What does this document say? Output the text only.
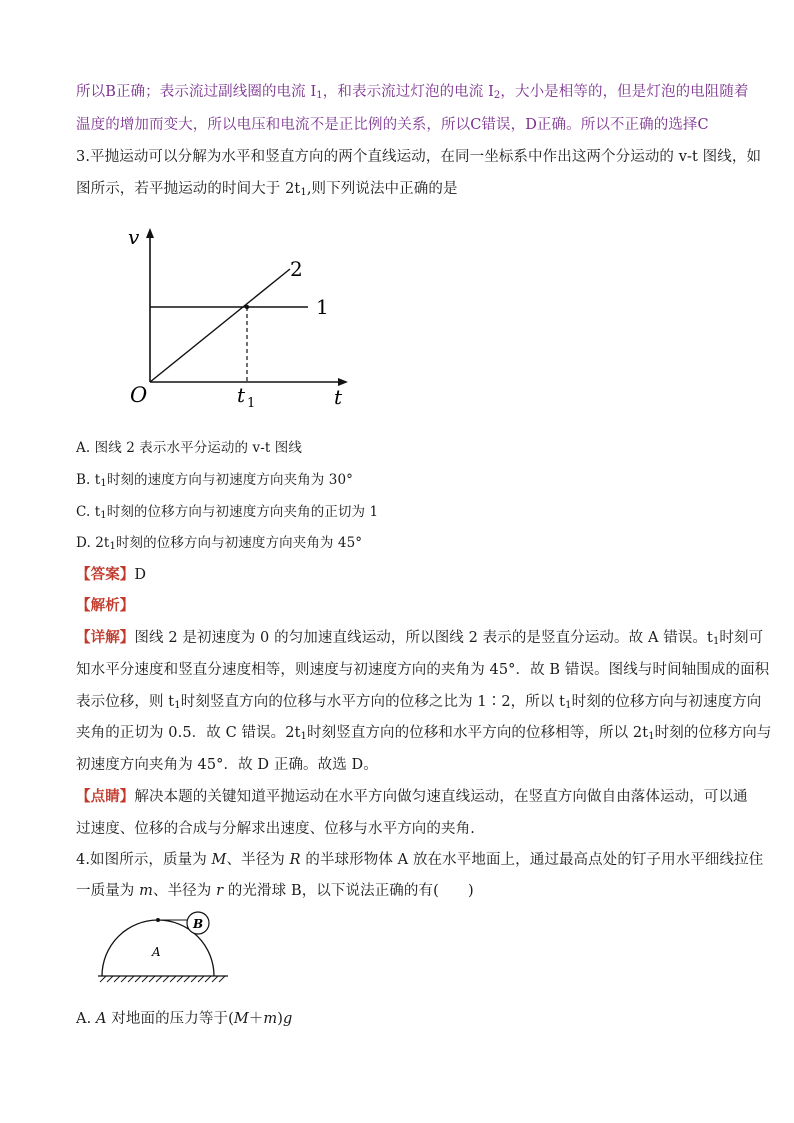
所以B正确；表示流过副线圈的电流 $I_1$，和表示流过灯泡的电流 $I_2$，大小是相等的，但是灯泡的电阻随着
温度的增加而变大，所以电压和电流不是正比例的关系，所以C错误，D正确。所以不正确的选择C
3.平抛运动可以分解为水平和竖直方向的两个直线运动，在同一坐标系中作出这两个分运动的 v-t 图线，如
图所示，若平抛运动的时间大于 $2t_1$,则下列说法中正确的是
v
t
O	t 1
1
2
A. 图线 2 表示水平分运动的 v-t 图线
B. $t_1$时刻的速度方向与初速度方向夹角为 30°
C. $t_1$时刻的位移方向与初速度方向夹角的正切为 1
D. $2t_1$时刻的位移方向与初速度方向夹角为 45°
【答案】D
【解析】
【详解】图线 2 是初速度为 0 的匀加速直线运动，所以图线 2 表示的是竖直分运动。故 A 错误。$t_1$时刻可
知水平分速度和竖直分速度相等，则速度与初速度方向的夹角为 45°．故 B 错误。图线与时间轴围成的面积
表示位移，则 $t_1$时刻竖直方向的位移与水平方向的位移之比为 1∶2，所以 $t_1$时刻的位移方向与初速度方向
夹角的正切为 0.5．故 C 错误。$2t_1$时刻竖直方向的位移和水平方向的位移相等，所以 $2t_1$时刻的位移方向与
初速度方向夹角为 45°．故 D 正确。故选 D。
【点睛】解决本题的关键知道平抛运动在水平方向做匀速直线运动，在竖直方向做自由落体运动，可以通
过速度、位移的合成与分解求出速度、位移与水平方向的夹角.
4.如图所示，质量为 M、半径为 R 的半球形物体 A 放在水平地面上，通过最高点处的钉子用水平细线拉住
一质量为 m、半径为 r 的光滑球 B，以下说法正确的有(　　)
B
A
A. A 对地面的压力等于(M＋m)g
